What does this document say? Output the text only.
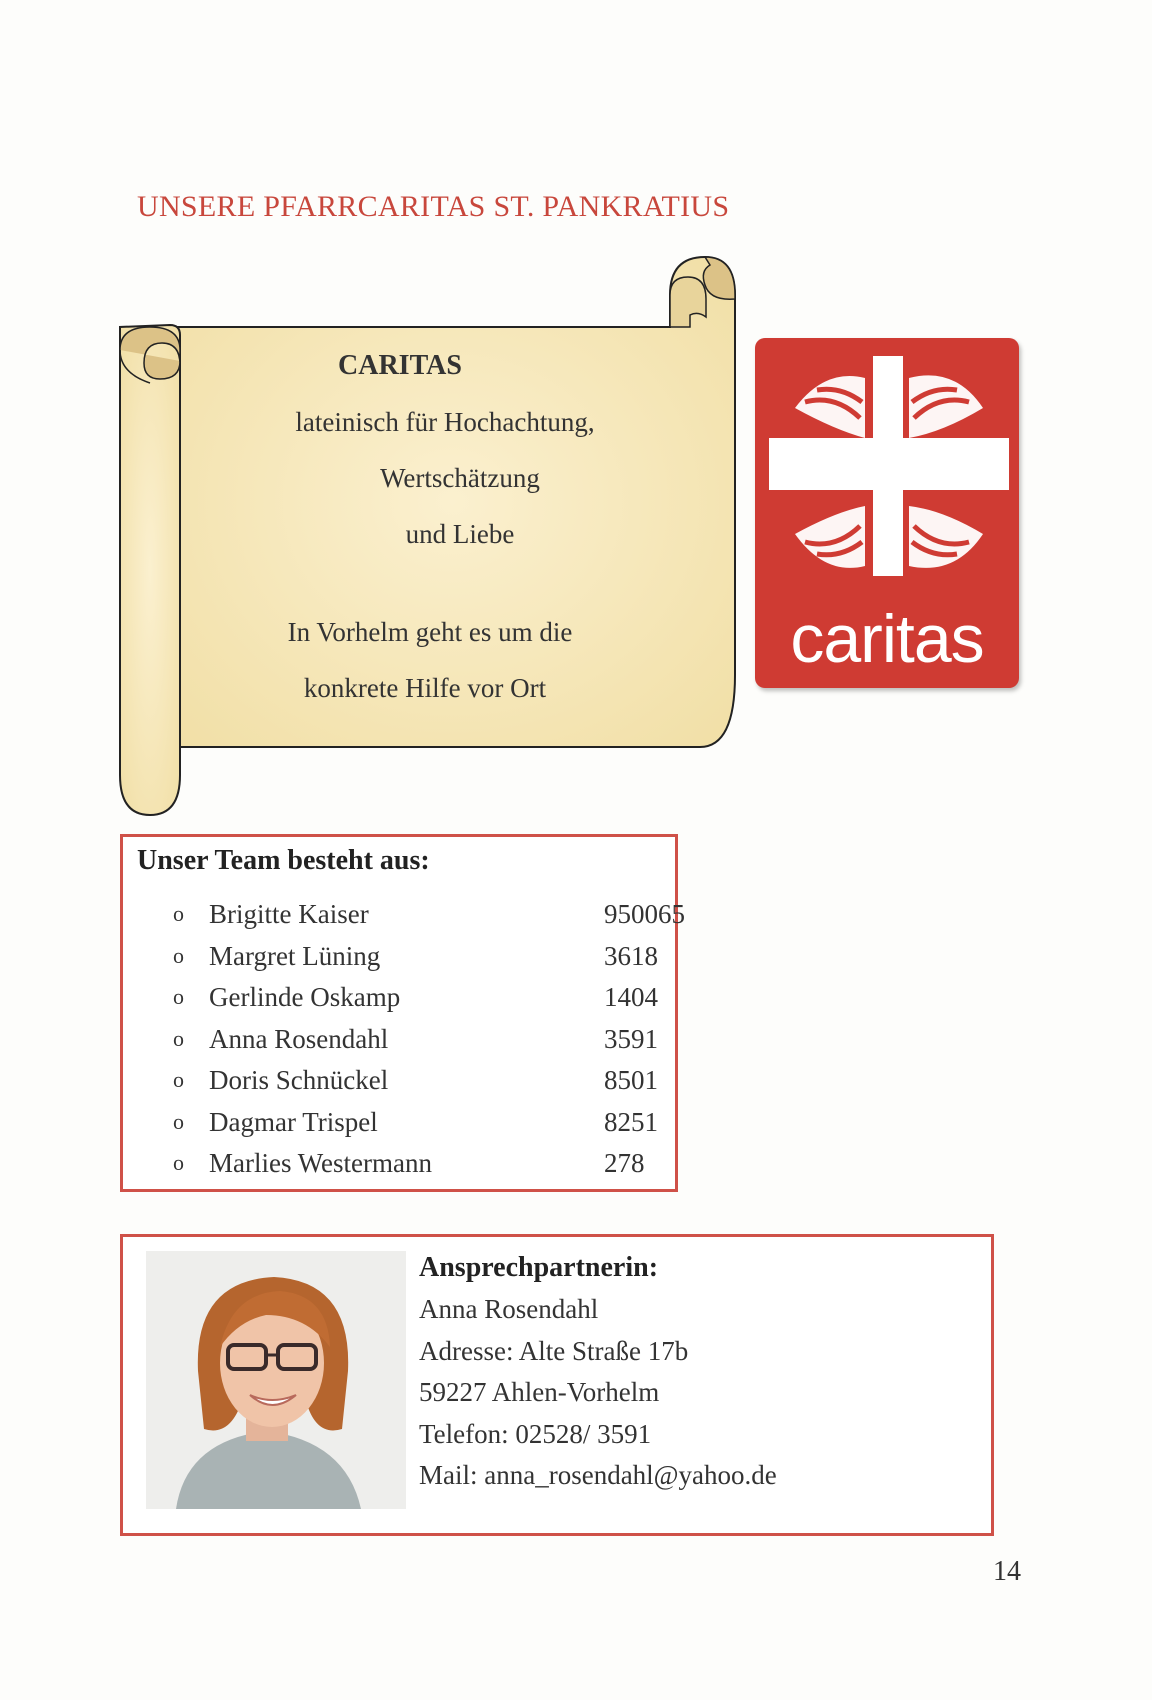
UNSERE PFARRCARITAS ST. PANKRATIUS
CARITAS
lateinisch für Hochachtung,
Wertschätzung
und Liebe
In Vorhelm geht es um die
konkrete Hilfe vor Ort
caritas
Unser Team besteht aus:
o Brigitte Kaiser	950065
o Margret Lüning	3618
o Gerlinde Oskamp	1404
o Anna Rosendahl	3591
o Doris Schnückel	8501
o Dagmar Trispel	8251
o Marlies Westermann	278
Ansprechpartnerin:
Anna Rosendahl
Adresse: Alte Straße 17b
59227 Ahlen-Vorhelm
Telefon: 02528/ 3591
Mail: anna_rosendahl@yahoo.de
14
